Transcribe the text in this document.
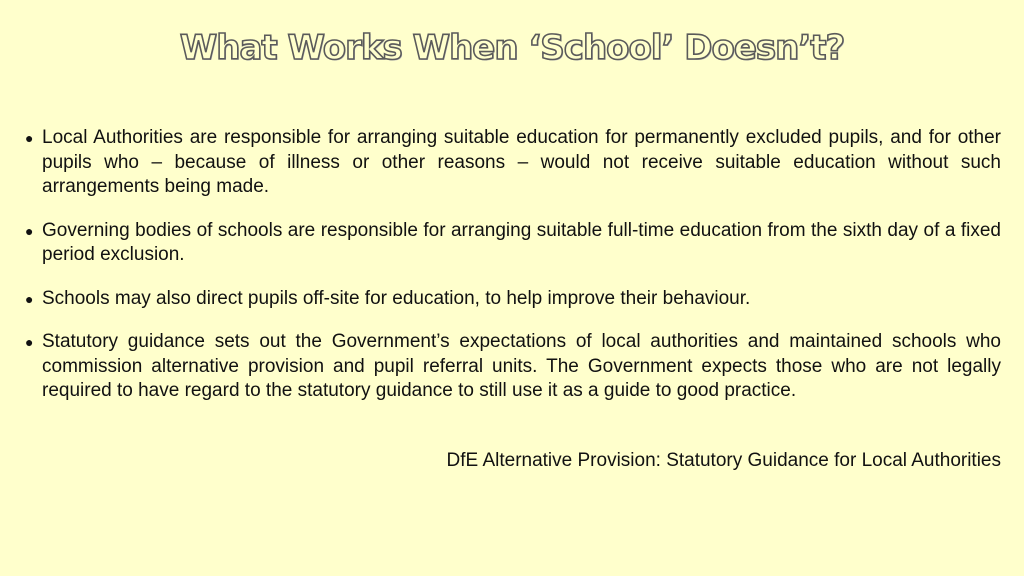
What Works When ‘School’ Doesn’t?
● Local Authorities are responsible for arranging suitable education for permanently excluded pupils, and for other pupils who – because of illness or other reasons – would not receive suitable education without such arrangements being made.
● Governing bodies of schools are responsible for arranging suitable full-time education from the sixth day of a fixed period exclusion.
● Schools may also direct pupils off-site for education, to help improve their behaviour.
● Statutory guidance sets out the Government’s expectations of local authorities and maintained schools who commission alternative provision and pupil referral units. The Government expects those who are not legally required to have regard to the statutory guidance to still use it as a guide to good practice.

DfE Alternative Provision: Statutory Guidance for Local Authorities
